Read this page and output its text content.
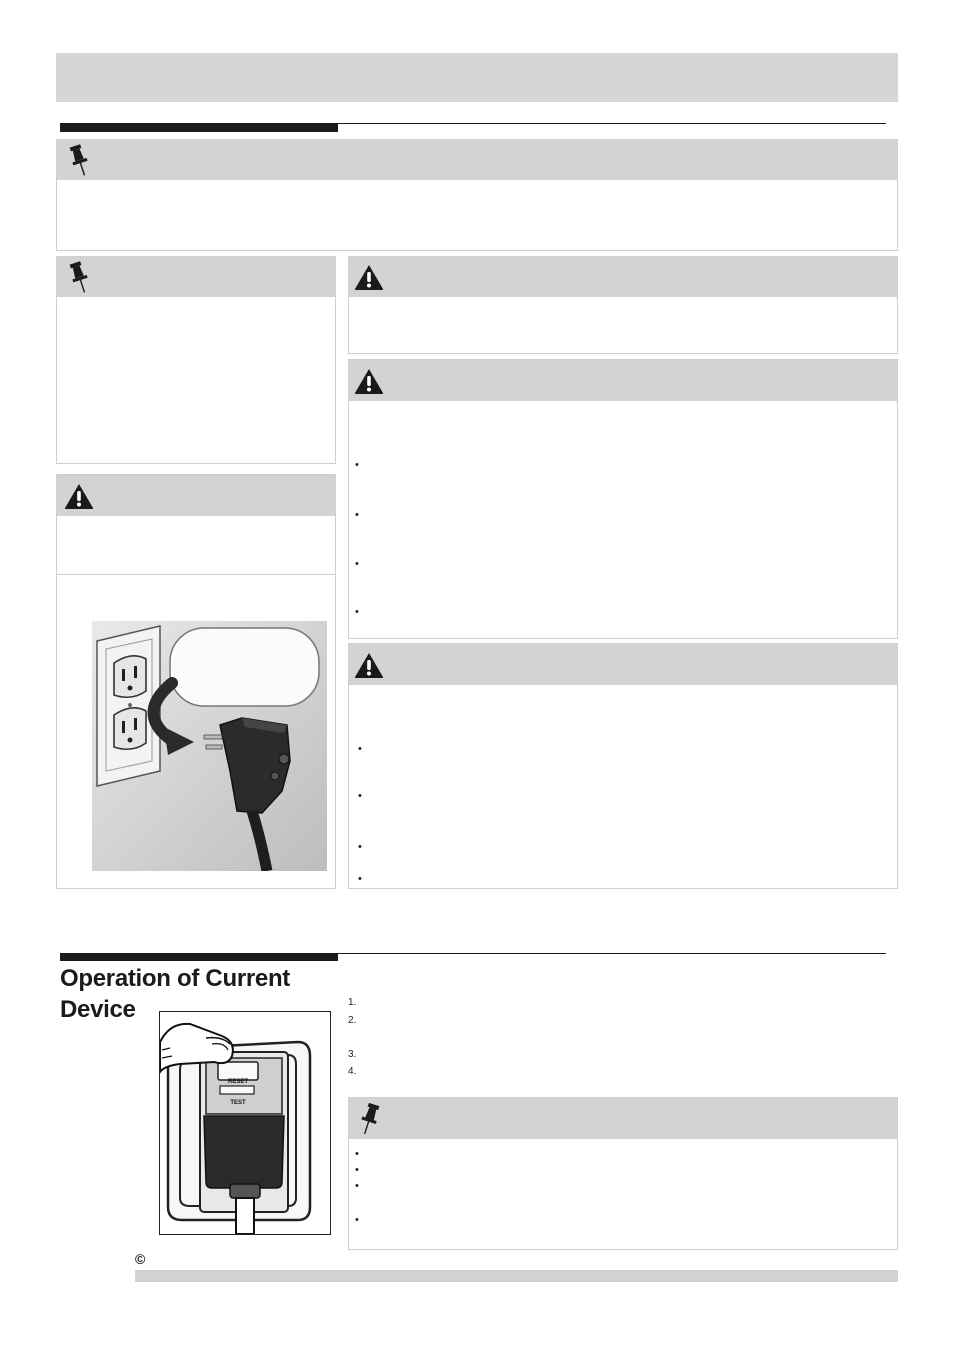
•
•
•
•
•
•
•
•
Operation of Current
Device
RESET
TEST
1.
2.
3.
4.
•
•
•
•
©
